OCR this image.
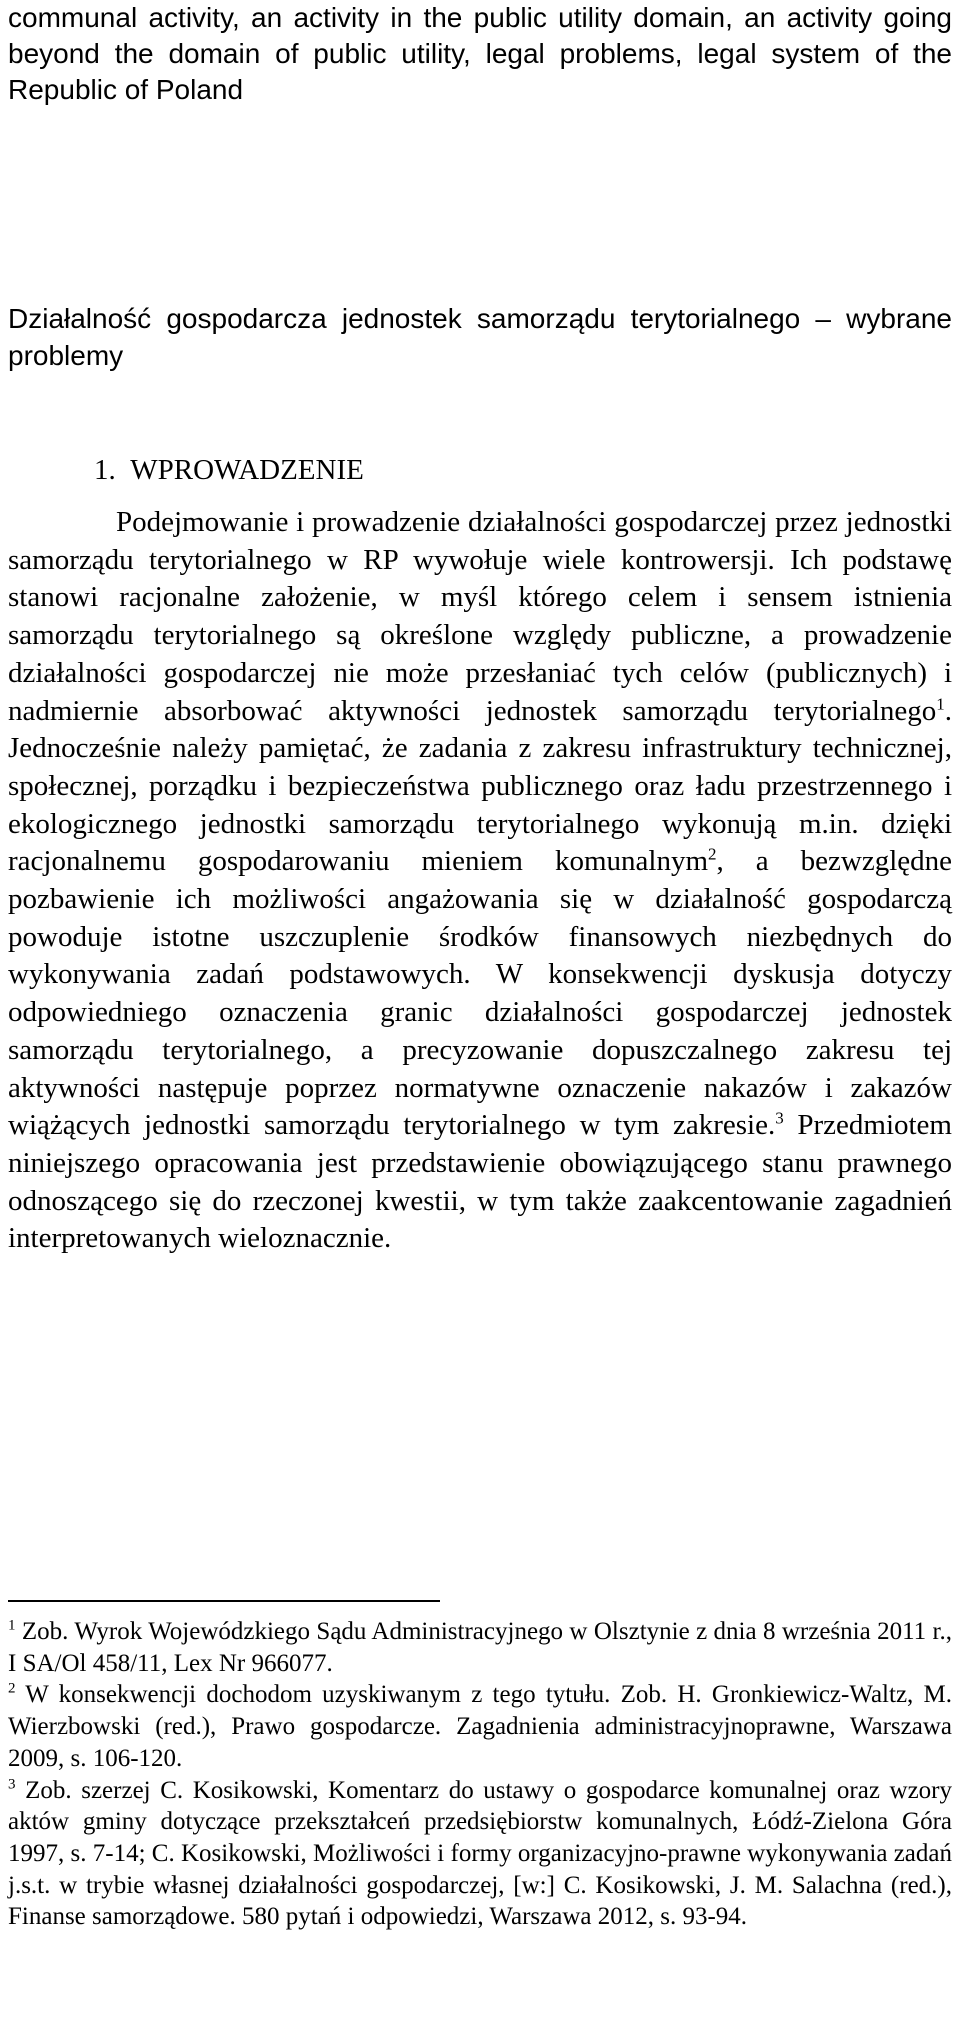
communal activity, an activity in the public utility domain, an activity going beyond the domain of public utility, legal problems, legal system of the Republic of Poland

Działalność gospodarcza jednostek samorządu terytorialnego – wybrane problemy

1. WPROWADZENIE

Podejmowanie i prowadzenie działalności gospodarczej przez jednostki samorządu terytorialnego w RP wywołuje wiele kontrowersji. Ich podstawę stanowi racjonalne założenie, w myśl którego celem i sensem istnienia samorządu terytorialnego są określone względy publiczne, a prowadzenie działalności gospodarczej nie może przesłaniać tych celów (publicznych) i nadmiernie absorbować aktywności jednostek samorządu terytorialnego$^1$. Jednocześnie należy pamiętać, że zadania z zakresu infrastruktury technicznej, społecznej, porządku i bezpieczeństwa publicznego oraz ładu przestrzennego i ekologicznego jednostki samorządu terytorialnego wykonują m.in. dzięki racjonalnemu gospodarowaniu mieniem komunalnym$^2$, a bezwzględne pozbawienie ich możliwości angażowania się w działalność gospodarczą powoduje istotne uszczuplenie środków finansowych niezbędnych do wykonywania zadań podstawowych. W konsekwencji dyskusja dotyczy odpowiedniego oznaczenia granic działalności gospodarczej jednostek samorządu terytorialnego, a precyzowanie dopuszczalnego zakresu tej aktywności następuje poprzez normatywne oznaczenie nakazów i zakazów wiążących jednostki samorządu terytorialnego w tym zakresie.$^3$ Przedmiotem niniejszego opracowania jest przedstawienie obowiązującego stanu prawnego odnoszącego się do rzeczonej kwestii, w tym także zaakcentowanie zagadnień interpretowanych wieloznacznie.

$^1$ Zob. Wyrok Wojewódzkiego Sądu Administracyjnego w Olsztynie z dnia 8 września 2011 r., I SA/Ol 458/11, Lex Nr 966077.

$^2$ W konsekwencji dochodom uzyskiwanym z tego tytułu. Zob. H. Gronkiewicz-Waltz, M. Wierzbowski (red.), Prawo gospodarcze. Zagadnienia administracyjnoprawne, Warszawa 2009, s. 106-120.

$^3$ Zob. szerzej C. Kosikowski, Komentarz do ustawy o gospodarce komunalnej oraz wzory aktów gminy dotyczące przekształceń przedsiębiorstw komunalnych, Łódź-Zielona Góra 1997, s. 7-14; C. Kosikowski, Możliwości i formy organizacyjno-prawne wykonywania zadań j.s.t. w trybie własnej działalności gospodarczej, [w:] C. Kosikowski, J. M. Salachna (red.), Finanse samorządowe. 580 pytań i odpowiedzi, Warszawa 2012, s. 93-94.
